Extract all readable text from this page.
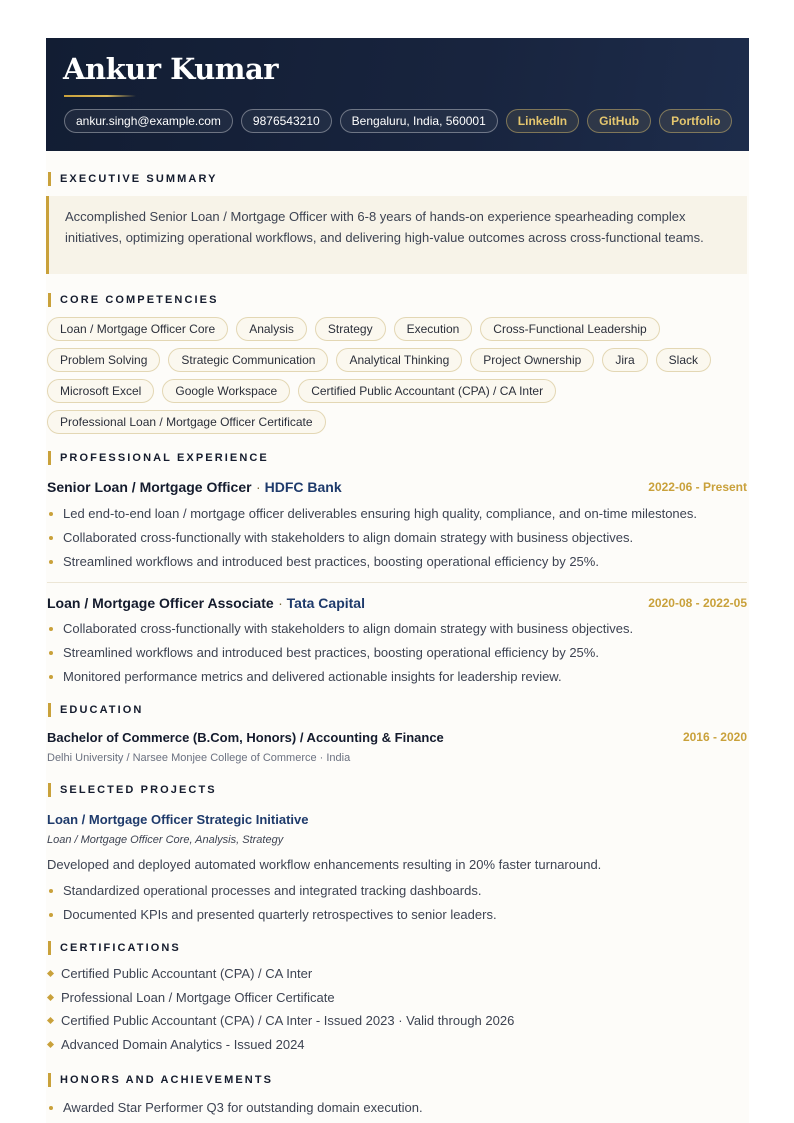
Ankur Kumar
ankur.singh@example.com	9876543210	Bengaluru, India, 560001	LinkedIn	GitHub	Portfolio
EXECUTIVE SUMMARY
Accomplished Senior Loan / Mortgage Officer with 6-8 years of hands-on experience spearheading complex initiatives, optimizing operational workflows, and delivering high-value outcomes across cross-functional teams.
CORE COMPETENCIES
Loan / Mortgage Officer Core	Analysis	Strategy	Execution	Cross-Functional Leadership
Problem Solving	Strategic Communication	Analytical Thinking	Project Ownership	Jira	Slack
Microsoft Excel	Google Workspace	Certified Public Accountant (CPA) / CA Inter
Professional Loan / Mortgage Officer Certificate
PROFESSIONAL EXPERIENCE
Senior Loan / Mortgage Officer · HDFC Bank	2022-06 - Present
Led end-to-end loan / mortgage officer deliverables ensuring high quality, compliance, and on-time milestones.
Collaborated cross-functionally with stakeholders to align domain strategy with business objectives.
Streamlined workflows and introduced best practices, boosting operational efficiency by 25%.
Loan / Mortgage Officer Associate · Tata Capital	2020-08 - 2022-05
Collaborated cross-functionally with stakeholders to align domain strategy with business objectives.
Streamlined workflows and introduced best practices, boosting operational efficiency by 25%.
Monitored performance metrics and delivered actionable insights for leadership review.
EDUCATION
Bachelor of Commerce (B.Com, Honors) / Accounting & Finance	2016 - 2020
Delhi University / Narsee Monjee College of Commerce · India
SELECTED PROJECTS
Loan / Mortgage Officer Strategic Initiative
Loan / Mortgage Officer Core, Analysis, Strategy
Developed and deployed automated workflow enhancements resulting in 20% faster turnaround.
Standardized operational processes and integrated tracking dashboards.
Documented KPIs and presented quarterly retrospectives to senior leaders.
CERTIFICATIONS
Certified Public Accountant (CPA) / CA Inter
Professional Loan / Mortgage Officer Certificate
Certified Public Accountant (CPA) / CA Inter - Issued 2023 · Valid through 2026
Advanced Domain Analytics - Issued 2024
HONORS AND ACHIEVEMENTS
Awarded Star Performer Q3 for outstanding domain execution.
